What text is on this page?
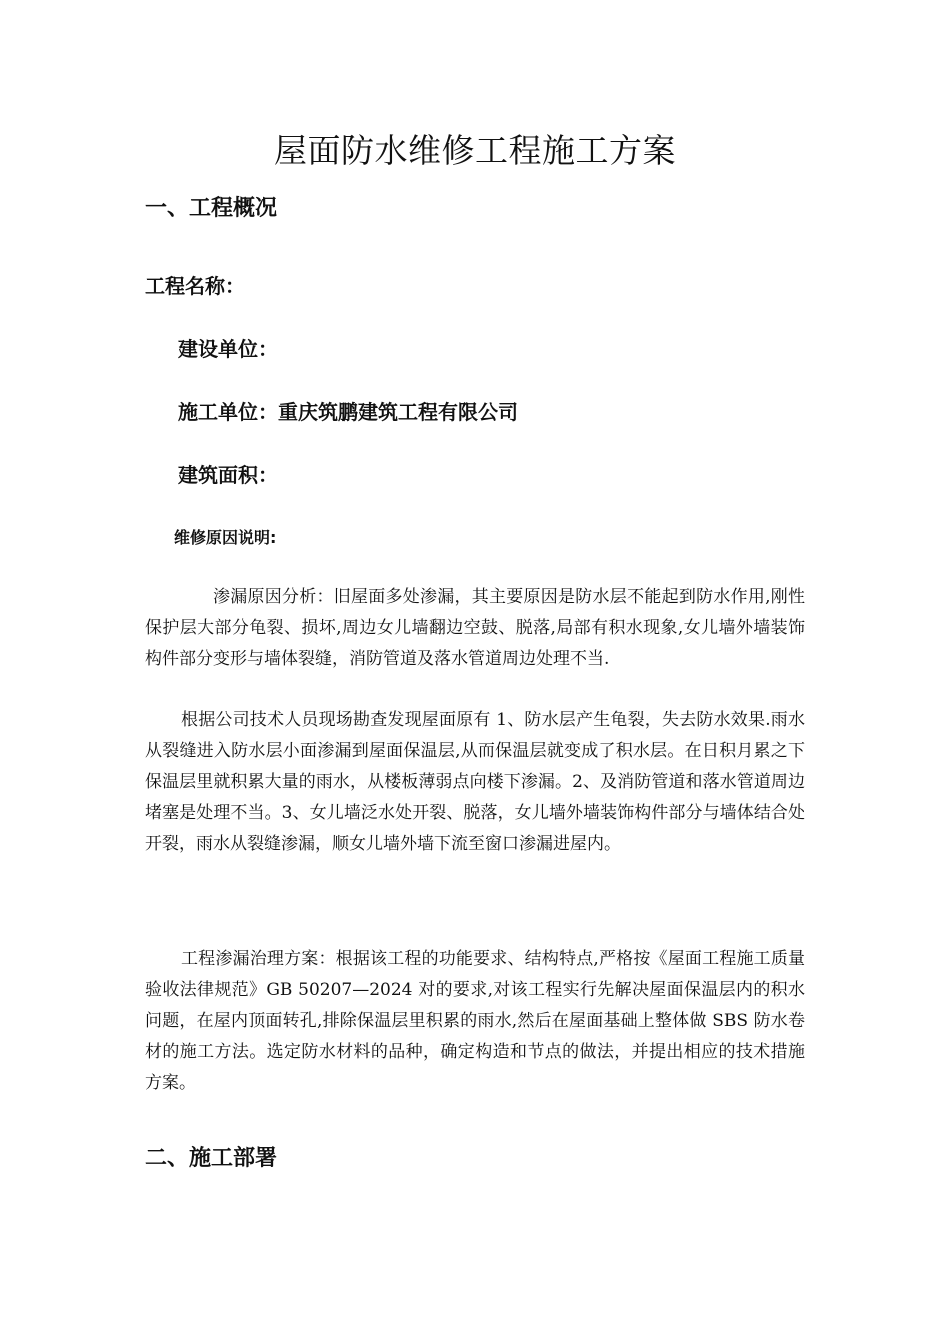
屋面防水维修工程施工方案
一、工程概况

工程名称：

建设单位：

施工单位：重庆筑鹏建筑工程有限公司

建筑面积：

维修原因说明:

渗漏原因分析：旧屋面多处渗漏，其主要原因是防水层不能起到防水作用,刚性保护层大部分龟裂、损坏,周边女儿墙翻边空鼓、脱落,局部有积水现象,女儿墙外墙装饰构件部分变形与墙体裂缝，消防管道及落水管道周边处理不当.

根据公司技术人员现场勘查发现屋面原有 1、防水层产生龟裂，失去防水效果.雨水从裂缝进入防水层小面渗漏到屋面保温层,从而保温层就变成了积水层。在日积月累之下保温层里就积累大量的雨水，从楼板薄弱点向楼下渗漏。2、及消防管道和落水管道周边堵塞是处理不当。3、女儿墙泛水处开裂、脱落，女儿墙外墙装饰构件部分与墙体结合处开裂，雨水从裂缝渗漏，顺女儿墙外墙下流至窗口渗漏进屋内。

工程渗漏治理方案：根据该工程的功能要求、结构特点,严格按《屋面工程施工质量验收法律规范》GB 50207—2024 对的要求,对该工程实行先解决屋面保温层内的积水问题，在屋内顶面转孔,排除保温层里积累的雨水,然后在屋面基础上整体做 SBS 防水卷材的施工方法。选定防水材料的品种，确定构造和节点的做法，并提出相应的技术措施方案。

二、施工部署
